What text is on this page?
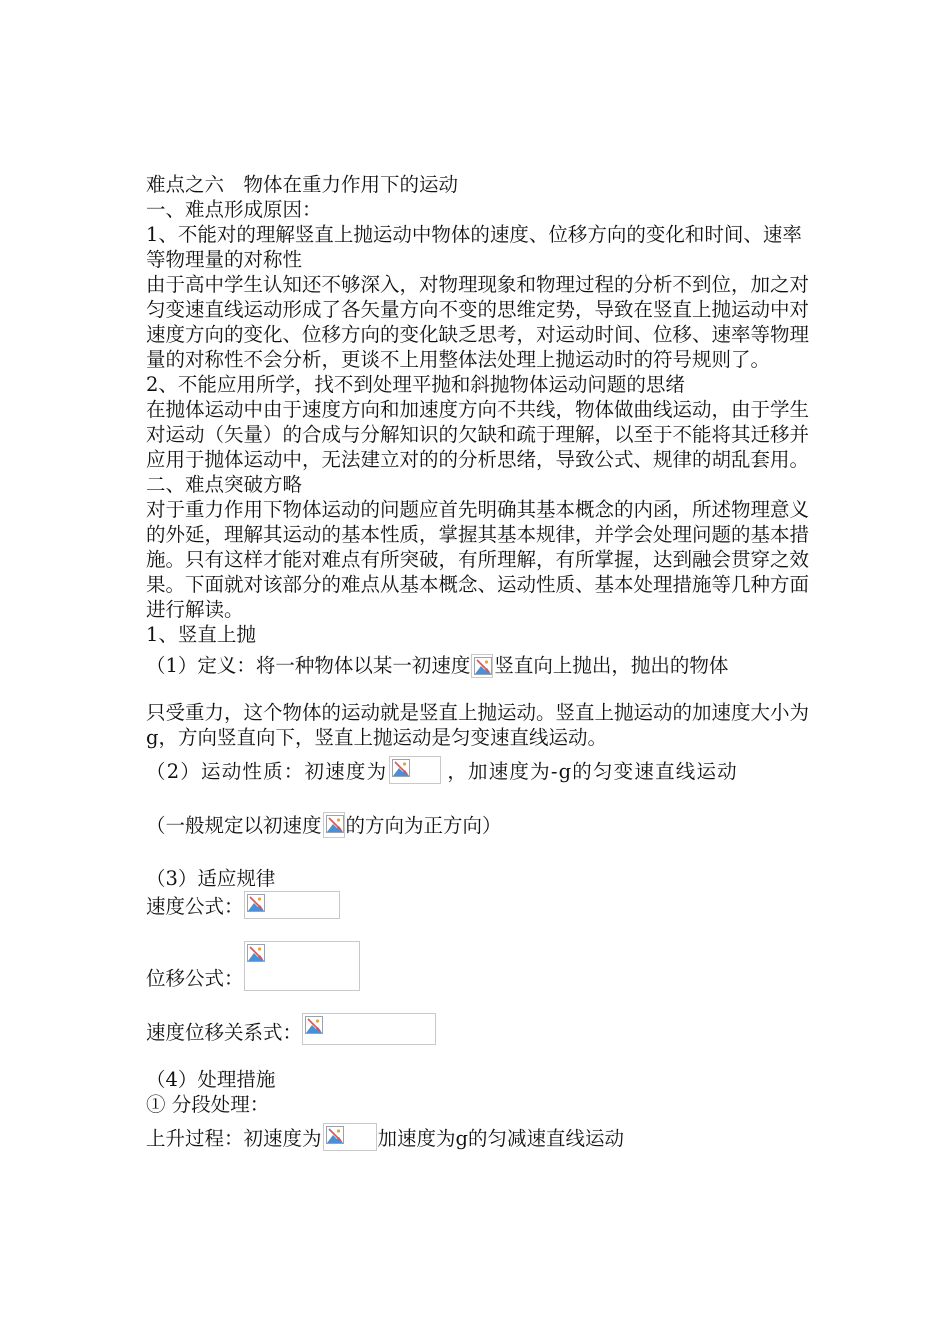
难点之六　物体在重力作用下的运动
一、难点形成原因：
1、不能对的理解竖直上抛运动中物体的速度、位移方向的变化和时间、速率等物理量的对称性
由于高中学生认知还不够深入，对物理现象和物理过程的分析不到位，加之对匀变速直线运动形成了各矢量方向不变的思维定势，导致在竖直上抛运动中对速度方向的变化、位移方向的变化缺乏思考，对运动时间、位移、速率等物理量的对称性不会分析，更谈不上用整体法处理上抛运动时的符号规则了。
2、不能应用所学，找不到处理平抛和斜抛物体运动问题的思绪
在抛体运动中由于速度方向和加速度方向不共线，物体做曲线运动，由于学生对运动（矢量）的合成与分解知识的欠缺和疏于理解，以至于不能将其迁移并应用于抛体运动中，无法建立对的的分析思绪，导致公式、规律的胡乱套用。
二、难点突破方略
对于重力作用下物体运动的问题应首先明确其基本概念的内函，所述物理意义的外延，理解其运动的基本性质，掌握其基本规律，并学会处理问题的基本措施。只有这样才能对难点有所突破，有所理解，有所掌握，达到融会贯穿之效果。下面就对该部分的难点从基本概念、运动性质、基本处理措施等几种方面进行解读。
1、竖直上抛
（1）定义：将一种物体以某一初速度 竖直向上抛出，抛出的物体
只受重力，这个物体的运动就是竖直上抛运动。竖直上抛运动的加速度大小为g，方向竖直向下，竖直上抛运动是匀变速直线运动。
（2）运动性质：初速度为	，加速度为-g的匀变速直线运动
（一般规定以初速度 的方向为正方向）
（3）适应规律
速度公式：
位移公式：
速度位移关系式：
（4）处理措施
① 分段处理：
上升过程：初速度为	加速度为g的匀减速直线运动
